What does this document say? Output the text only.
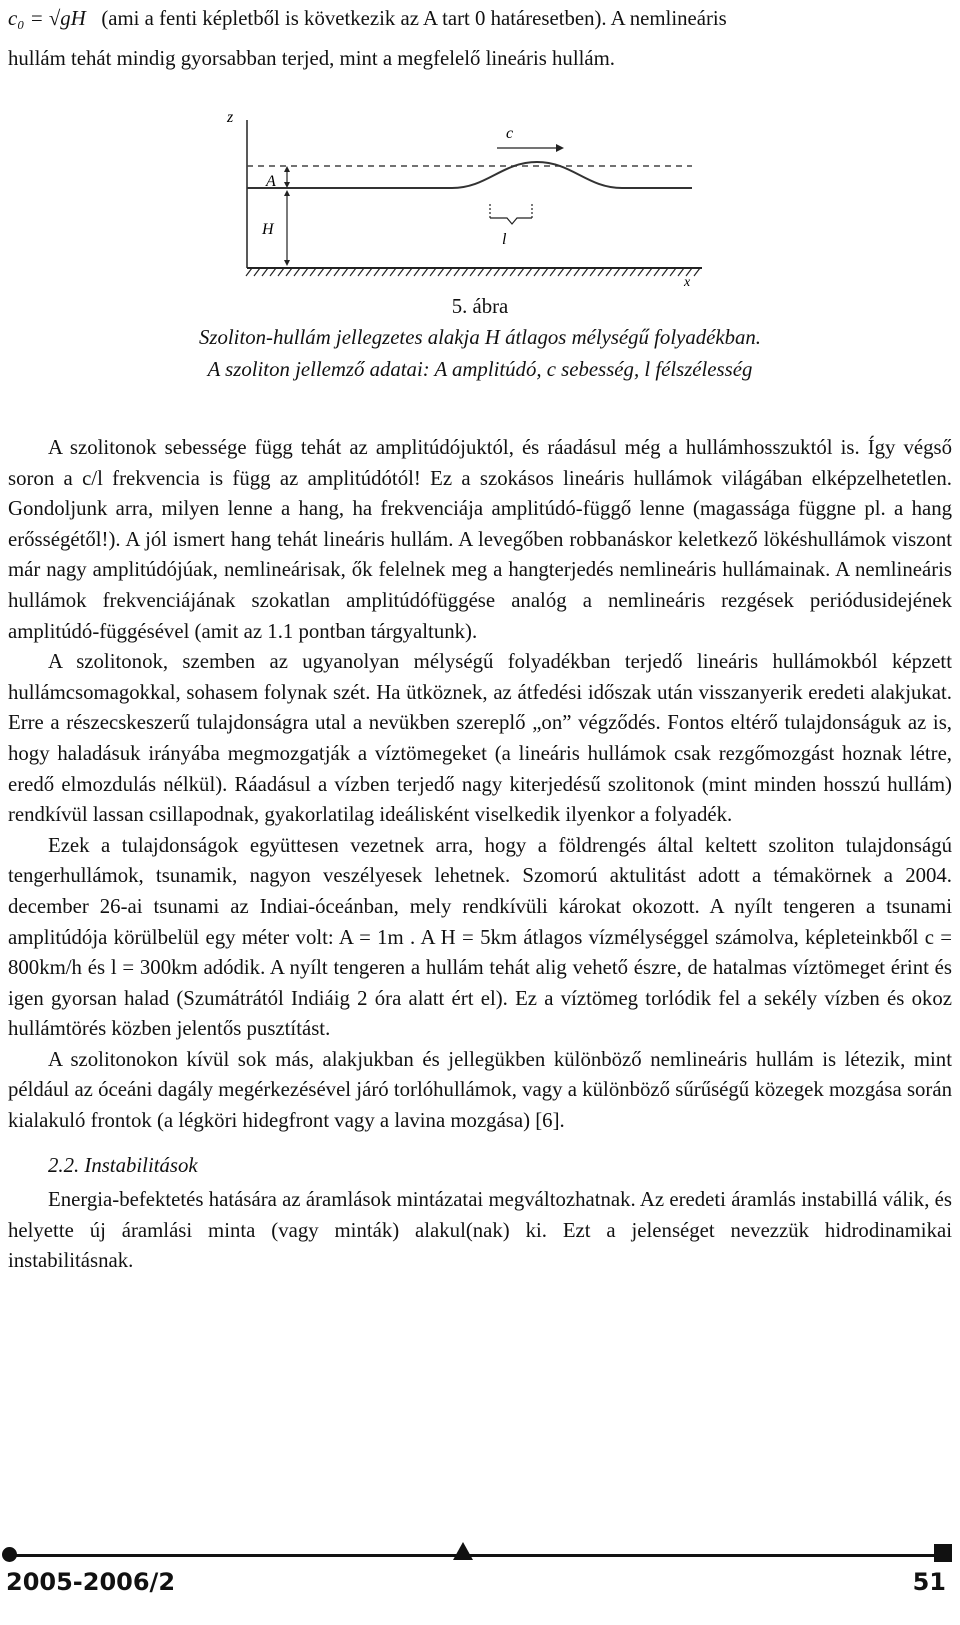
c₀ = √gH (ami a fenti képletből is következik az A tart 0 határesetben). A nemlineáris
hullám tehát mindig gyorsabban terjed, mint a megfelelő lineáris hullám.
z
x
A
H
c
l
5. ábra
Szoliton-hullám jellegzetes alakja H átlagos mélységű folyadékban.
A szoliton jellemző adatai: A amplitúdó, c sebesség, l félszélesség

A szolitonok sebessége függ tehát az amplitúdójuktól, és ráadásul még a hullámhosszuktól is. Így végső soron a c/l frekvencia is függ az amplitúdótól! Ez a szokásos lineáris hullámok világában elképzelhetetlen. Gondoljunk arra, milyen lenne a hang, ha frekvenciája amplitúdó-függő lenne (magassága függne pl. a hang erősségétől!). A jól ismert hang tehát lineáris hullám. A levegőben robbanáskor keletkező lökéshullámok viszont már nagy amplitúdójúak, nemlineárisak, ők felelnek meg a hangterjedés nemlineáris hullámainak. A nemlineáris hullámok frekvenciájának szokatlan amplitúdófüggése analóg a nemlineáris rezgések periódusidejének amplitúdó-függésével (amit az 1.1 pontban tárgyaltunk).

A szolitonok, szemben az ugyanolyan mélységű folyadékban terjedő lineáris hullámokból képzett hullámcsomagokkal, sohasem folynak szét. Ha ütköznek, az átfedési időszak után visszanyerik eredeti alakjukat. Erre a részecskeszerű tulajdonságra utal a nevükben szereplő „on” végződés. Fontos eltérő tulajdonságuk az is, hogy haladásuk irányába megmozgatják a víztömegeket (a lineáris hullámok csak rezgőmozgást hoznak létre, eredő elmozdulás nélkül). Ráadásul a vízben terjedő nagy kiterjedésű szolitonok (mint minden hosszú hullám) rendkívül lassan csillapodnak, gyakorlatilag ideálisként viselkedik ilyenkor a folyadék.

Ezek a tulajdonságok együttesen vezetnek arra, hogy a földrengés által keltett szoliton tulajdonságú tengerhullámok, tsunamik, nagyon veszélyesek lehetnek. Szomorú aktulitást adott a témakörnek a 2004. december 26-ai tsunami az Indiai-óceánban, mely rendkívüli károkat okozott. A nyílt tengeren a tsunami amplitúdója körülbelül egy méter volt: A = 1m . A H = 5km átlagos vízmélységgel számolva, képleteinkből c = 800km/h és l = 300km adódik. A nyílt tengeren a hullám tehát alig vehető észre, de hatalmas víztömeget érint és igen gyorsan halad (Szumátrától Indiáig 2 óra alatt ért el). Ez a víztömeg torlódik fel a sekély vízben és okoz hullámtörés közben jelentős pusztítást.

A szolitonokon kívül sok más, alakjukban és jellegükben különböző nemlineáris hullám is létezik, mint például az óceáni dagály megérkezésével járó torlóhullámok, vagy a különböző sűrűségű közegek mozgása során kialakuló frontok (a légköri hidegfront vagy a lavina mozgása) [6].

2.2. Instabilitások

Energia-befektetés hatására az áramlások mintázatai megváltozhatnak. Az eredeti áramlás instabillá válik, és helyette új áramlási minta (vagy minták) alakul(nak) ki. Ezt a jelenséget nevezzük hidrodinamikai instabilitásnak.

2005-2006/2	51
